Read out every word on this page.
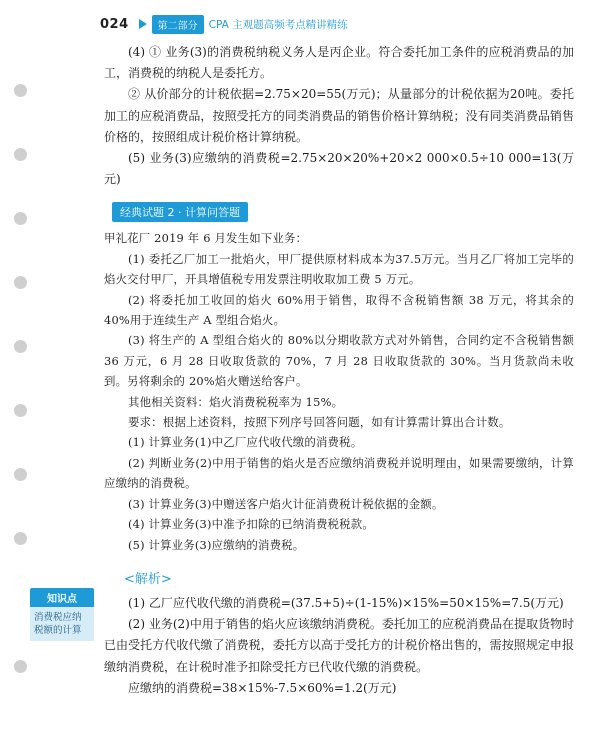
024	第二部分	CPA 主观题高频考点精讲精练
知识点
消费税应纳税额的计算

(4) ① 业务(3)的消费税纳税义务人是丙企业。符合委托加工条件的应税消费品的加工，消费税的纳税人是委托方。

② 从价部分的计税依据=2.75×20=55(万元)；从量部分的计税依据为20吨。委托加工的应税消费品，按照受托方的同类消费品的销售价格计算纳税；没有同类消费品销售价格的，按照组成计税价格计算纳税。

(5) 业务(3)应缴纳的消费税=2.75×20×20%+20×2 000×0.5÷10 000=13(万元)

经典试题 2 · 计算问答题

甲礼花厂 2019 年 6 月发生如下业务：

(1) 委托乙厂加工一批焰火，甲厂提供原材料成本为37.5万元。当月乙厂将加工完毕的焰火交付甲厂，开具增值税专用发票注明收取加工费 5 万元。

(2) 将委托加工收回的焰火 60%用于销售，取得不含税销售额 38 万元，将其余的 40%用于连续生产 A 型组合焰火。

(3) 将生产的 A 型组合焰火的 80%以分期收款方式对外销售，合同约定不含税销售额 36 万元，6 月 28 日收取货款的 70%，7 月 28 日收取货款的 30%。当月货款尚未收到。另将剩余的 20%焰火赠送给客户。

其他相关资料：焰火消费税税率为 15%。

要求：根据上述资料，按照下列序号回答问题，如有计算需计算出合计数。

(1) 计算业务(1)中乙厂应代收代缴的消费税。

(2) 判断业务(2)中用于销售的焰火是否应缴纳消费税并说明理由，如果需要缴纳，计算应缴纳的消费税。

(3) 计算业务(3)中赠送客户焰火计征消费税计税依据的金额。

(4) 计算业务(3)中准予扣除的已纳消费税税款。

(5) 计算业务(3)应缴纳的消费税。

<解析>

(1) 乙厂应代收代缴的消费税=(37.5+5)÷(1-15%)×15%=50×15%=7.5(万元)

(2) 业务(2)中用于销售的焰火应该缴纳消费税。委托加工的应税消费品在提取货物时已由受托方代收代缴了消费税，委托方以高于受托方的计税价格出售的，需按照规定申报缴纳消费税，在计税时准予扣除受托方已代收代缴的消费税。

应缴纳的消费税=38×15%-7.5×60%=1.2(万元)
